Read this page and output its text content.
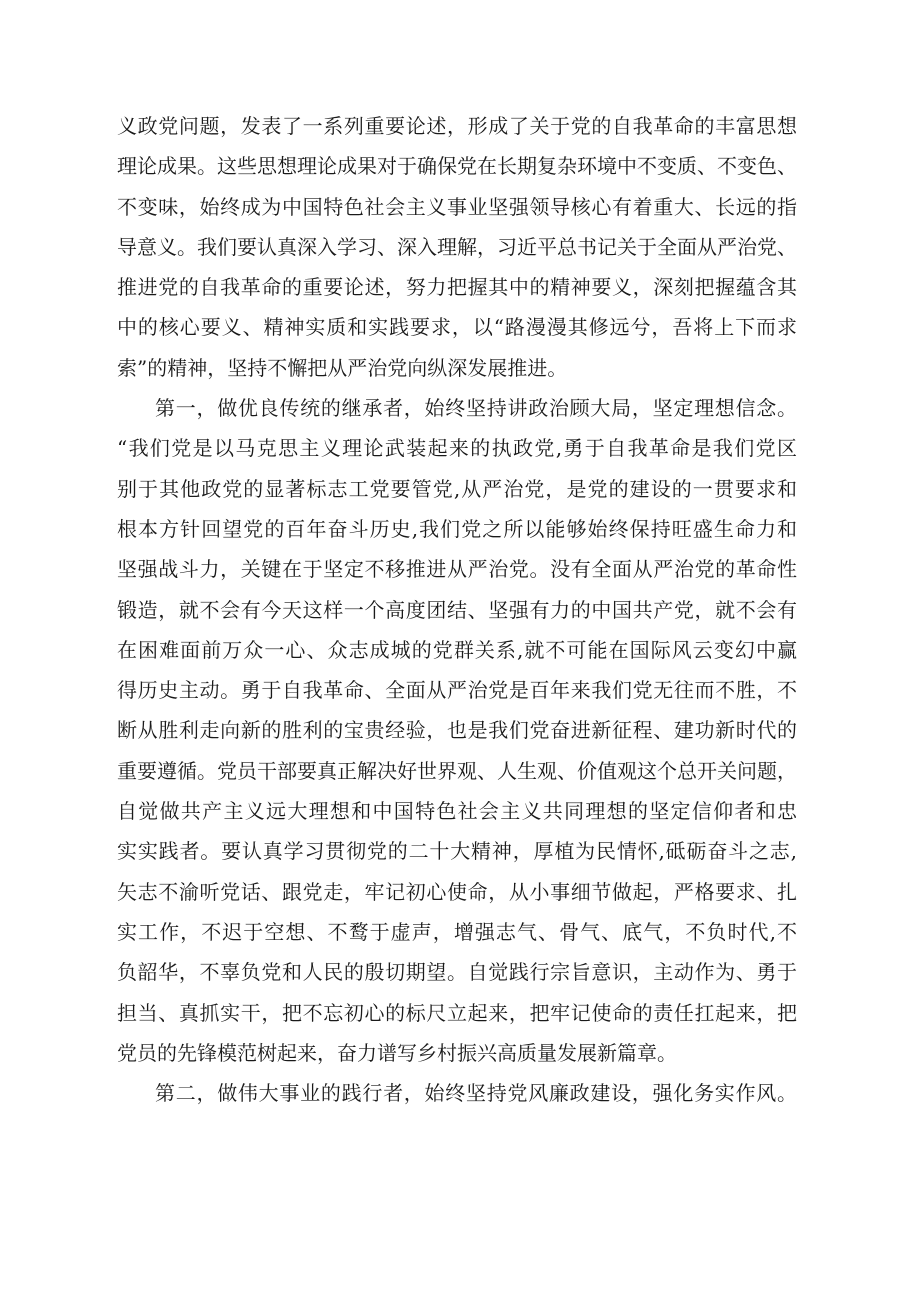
义政党问题，发表了一系列重要论述，形成了关于党的自我革命的丰富思想
理论成果。这些思想理论成果对于确保党在长期复杂环境中不变质、不变色、
不变味，始终成为中国特色社会主义事业坚强领导核心有着重大、长远的指
导意义。我们要认真深入学习、深入理解，习近平总书记关于全面从严治党、
推进党的自我革命的重要论述，努力把握其中的精神要义，深刻把握蕴含其
中的核心要义、精神实质和实践要求，以“路漫漫其修远兮，吾将上下而求
索”的精神，坚持不懈把从严治党向纵深发展推进。
第一，做优良传统的继承者，始终坚持讲政治顾大局，坚定理想信念。
“我们党是以马克思主义理论武装起来的执政党,勇于自我革命是我们党区
别于其他政党的显著标志工党要管党,从严治党，是党的建设的一贯要求和
根本方针回望党的百年奋斗历史,我们党之所以能够始终保持旺盛生命力和
坚强战斗力，关键在于坚定不移推进从严治党。没有全面从严治党的革命性
锻造，就不会有今天这样一个高度团结、坚强有力的中国共产党，就不会有
在困难面前万众一心、众志成城的党群关系,就不可能在国际风云变幻中赢
得历史主动。勇于自我革命、全面从严治党是百年来我们党无往而不胜，不
断从胜利走向新的胜利的宝贵经验，也是我们党奋进新征程、建功新时代的
重要遵循。党员干部要真正解决好世界观、人生观、价值观这个总开关问题，
自觉做共产主义远大理想和中国特色社会主义共同理想的坚定信仰者和忠
实实践者。要认真学习贯彻党的二十大精神，厚植为民情怀,砥砺奋斗之志,
矢志不渝听党话、跟党走，牢记初心使命，从小事细节做起，严格要求、扎
实工作，不迟于空想、不鹜于虚声，增强志气、骨气、底气，不负时代,不
负韶华，不辜负党和人民的殷切期望。自觉践行宗旨意识，主动作为、勇于
担当、真抓实干，把不忘初心的标尺立起来，把牢记使命的责任扛起来，把
党员的先锋模范树起来，奋力谱写乡村振兴高质量发展新篇章。
第二，做伟大事业的践行者，始终坚持党风廉政建设，强化务实作风。
